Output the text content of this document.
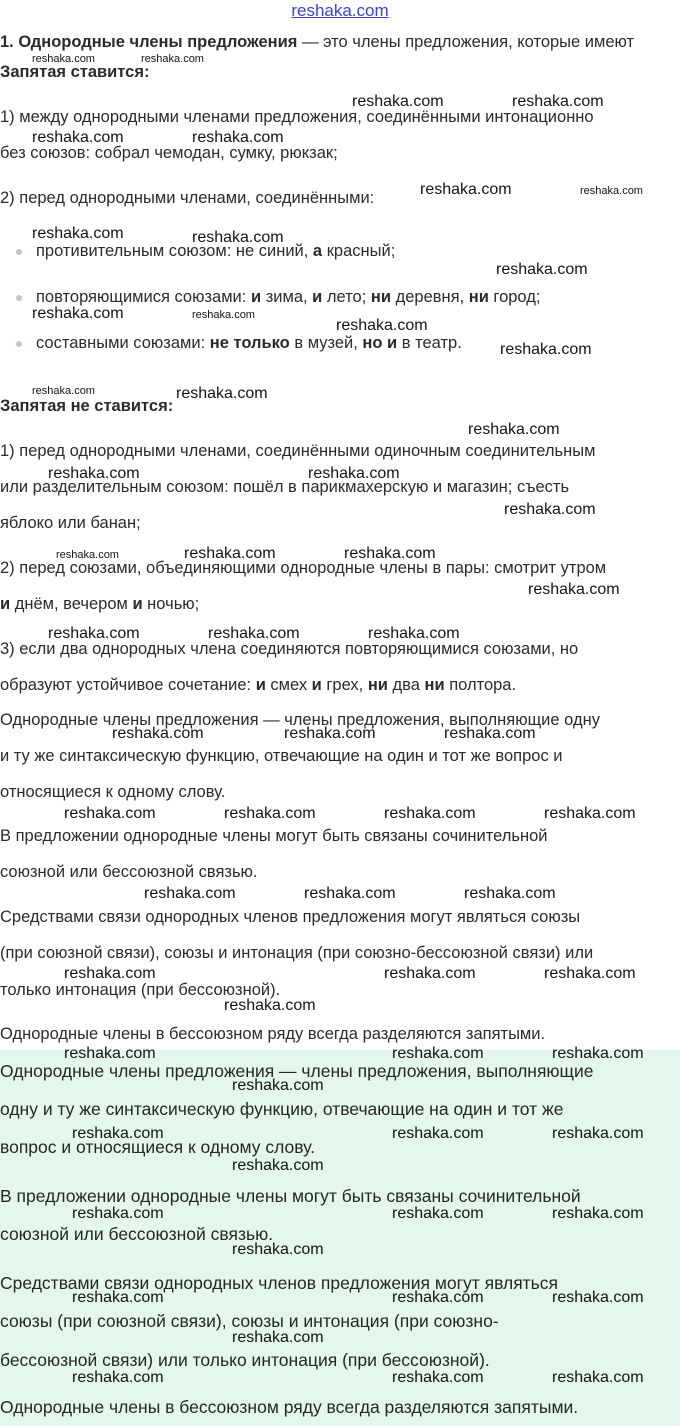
reshaka.com
1. Однородные члены предложения — это члены предложения, которые имеют
Запятая ставится:
1) между однородными членами предложения, соединёнными интонационно
без союзов: собрал чемодан, сумку, рюкзак;
2) перед однородными членами, соединёнными:
противительным союзом: не синий, а красный;
повторяющимися союзами: и зима, и лето; ни деревня, ни город;
составными союзами: не только в музей, но и в театр.
Запятая не ставится:
1) перед однородными членами, соединёнными одиночным соединительным
или разделительным союзом: пошёл в парикмахерскую и магазин; съесть
яблоко или банан;
2) перед союзами, объединяющими однородные члены в пары: смотрит утром
и днём, вечером и ночью;
3) если два однородных члена соединяются повторяющимися союзами, но
образуют устойчивое сочетание: и смех и грех, ни два ни полтора.
Однородные члены предложения — члены предложения, выполняющие одну
и ту же синтаксическую функцию, отвечающие на один и тот же вопрос и
относящиеся к одному слову.
В предложении однородные члены могут быть связаны сочинительной
союзной или бессоюзной связью.
Средствами связи однородных членов предложения могут являться союзы
(при союзной связи), союзы и интонация (при союзно-бессоюзной связи) или
только интонация (при бессоюзной).
Однородные члены в бессоюзном ряду всегда разделяются запятыми.
Однородные члены предложения — члены предложения, выполняющие
одну и ту же синтаксическую функцию, отвечающие на один и тот же
вопрос и относящиеся к одному слову.
В предложении однородные члены могут быть связаны сочинительной
союзной или бессоюзной связью.
Средствами связи однородных членов предложения могут являться
союзы (при союзной связи), союзы и интонация (при союзно-
бессоюзной связи) или только интонация (при бессоюзной).
Однородные члены в бессоюзном ряду всегда разделяются запятыми.
reshaka.com	reshaka.com
reshaka.com	reshaka.com
reshaka.com	reshaka.com
reshaka.com	reshaka.com
reshaka.com	reshaka.com
reshaka.com
reshaka.com	reshaka.com
reshaka.com
reshaka.com
reshaka.com	reshaka.com
reshaka.com
reshaka.com	reshaka.com
reshaka.com
reshaka.com	reshaka.com	reshaka.com
reshaka.com
reshaka.com	reshaka.com	reshaka.com
reshaka.com	reshaka.com	reshaka.com
reshaka.com	reshaka.com	reshaka.com	reshaka.com
reshaka.com	reshaka.com	reshaka.com
reshaka.com	reshaka.com	reshaka.com
reshaka.com
reshaka.com	reshaka.com	reshaka.com
reshaka.com
reshaka.com	reshaka.com	reshaka.com
reshaka.com
reshaka.com	reshaka.com	reshaka.com
reshaka.com
reshaka.com	reshaka.com	reshaka.com
reshaka.com
reshaka.com	reshaka.com	reshaka.com
